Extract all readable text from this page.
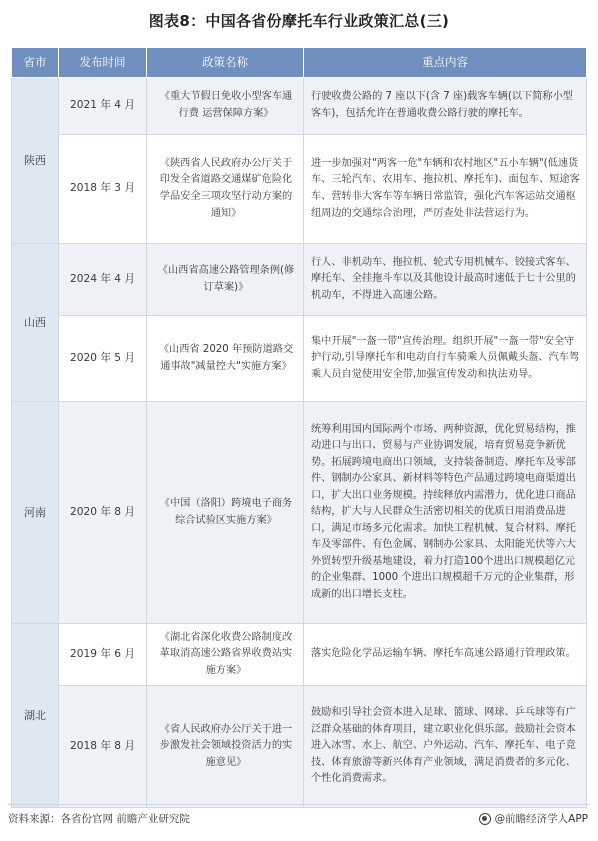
图表8：中国各省份摩托车行业政策汇总(三)
省市	发布时间	政策名称	重点内容
陕西	2021 年 4 月	《重大节假日免收小型客车通行费 运营保障方案》	行驶收费公路的 7 座以下(含 7 座)载客车辆(以下简称小型客车)，包括允许在普通收费公路行驶的摩托车。
	2018 年 3 月	《陕西省人民政府办公厅关于印发全省道路交通煤矿危险化学品安全三项攻坚行动方案的通知》	进一步加强对"两客一危"车辆和农村地区"五小车辆"(低速货车、三轮汽车、农用车、拖拉机、摩托车)、面包车、短途客车、营转非大客车等车辆日常监管，强化汽车客运站交通枢纽周边的交通综合治理，严厉查处非法营运行为。
山西	2024 年 4 月	《山西省高速公路管理条例(修订草案)》	行人、非机动车、拖拉机、轮式专用机械车、铰接式客车、摩托车、全挂拖斗车以及其他设计最高时速低于七十公里的机动车，不得进入高速公路。
	2020 年 5 月	《山西省 2020 年预防道路交通事故"减量控大"实施方案》	集中开展"一盔一带"宣传治理。组织开展"一盔一带"安全守护行动,引导摩托车和电动自行车骑乘人员佩戴头盔、汽车驾乘人员自觉使用安全带,加强宣传发动和执法劝导。
河南	2020 年 8 月	《中国（洛阳）跨境电子商务综合试验区实施方案》	统筹利用国内国际两个市场、两种资源，优化贸易结构，推动进口与出口、贸易与产业协调发展，培育贸易竞争新优势。拓展跨境电商出口领域，支持装备制造、摩托车及零部件、钢制办公家具、新材料等特色产品通过跨境电商渠道出口，扩大出口业务规模。持续释放内需潜力，优化进口商品结构，扩大与人民群众生活密切相关的优质日用消费品进口，满足市场多元化需求。加快工程机械、复合材料、摩托车及零部件、有色金属、钢制办公家具、太阳能光伏等六大外贸转型升级基地建设，着力打造100个进出口规模超亿元的企业集群、1000 个进出口规模超千万元的企业集群，形成新的出口增长支柱。
湖北	2019 年 6 月	《湖北省深化收费公路制度改革取消高速公路省界收费站实施方案》	落实危险化学品运输车辆、摩托车高速公路通行管理政策。
	2018 年 8 月	《省人民政府办公厅关于进一步激发社会领域投资活力的实施意见》	鼓励和引导社会资本进入足球、篮球、网球、乒乓球等有广泛群众基础的体育项目，建立职业化俱乐部。鼓励社会资本进入冰雪、水上、航空、户外运动、汽车、摩托车、电子竞技、体育旅游等新兴体育产业领域，满足消费者的多元化、个性化消费需求。
资料来源：各省份官网 前瞻产业研究院	@前瞻经济学人APP
